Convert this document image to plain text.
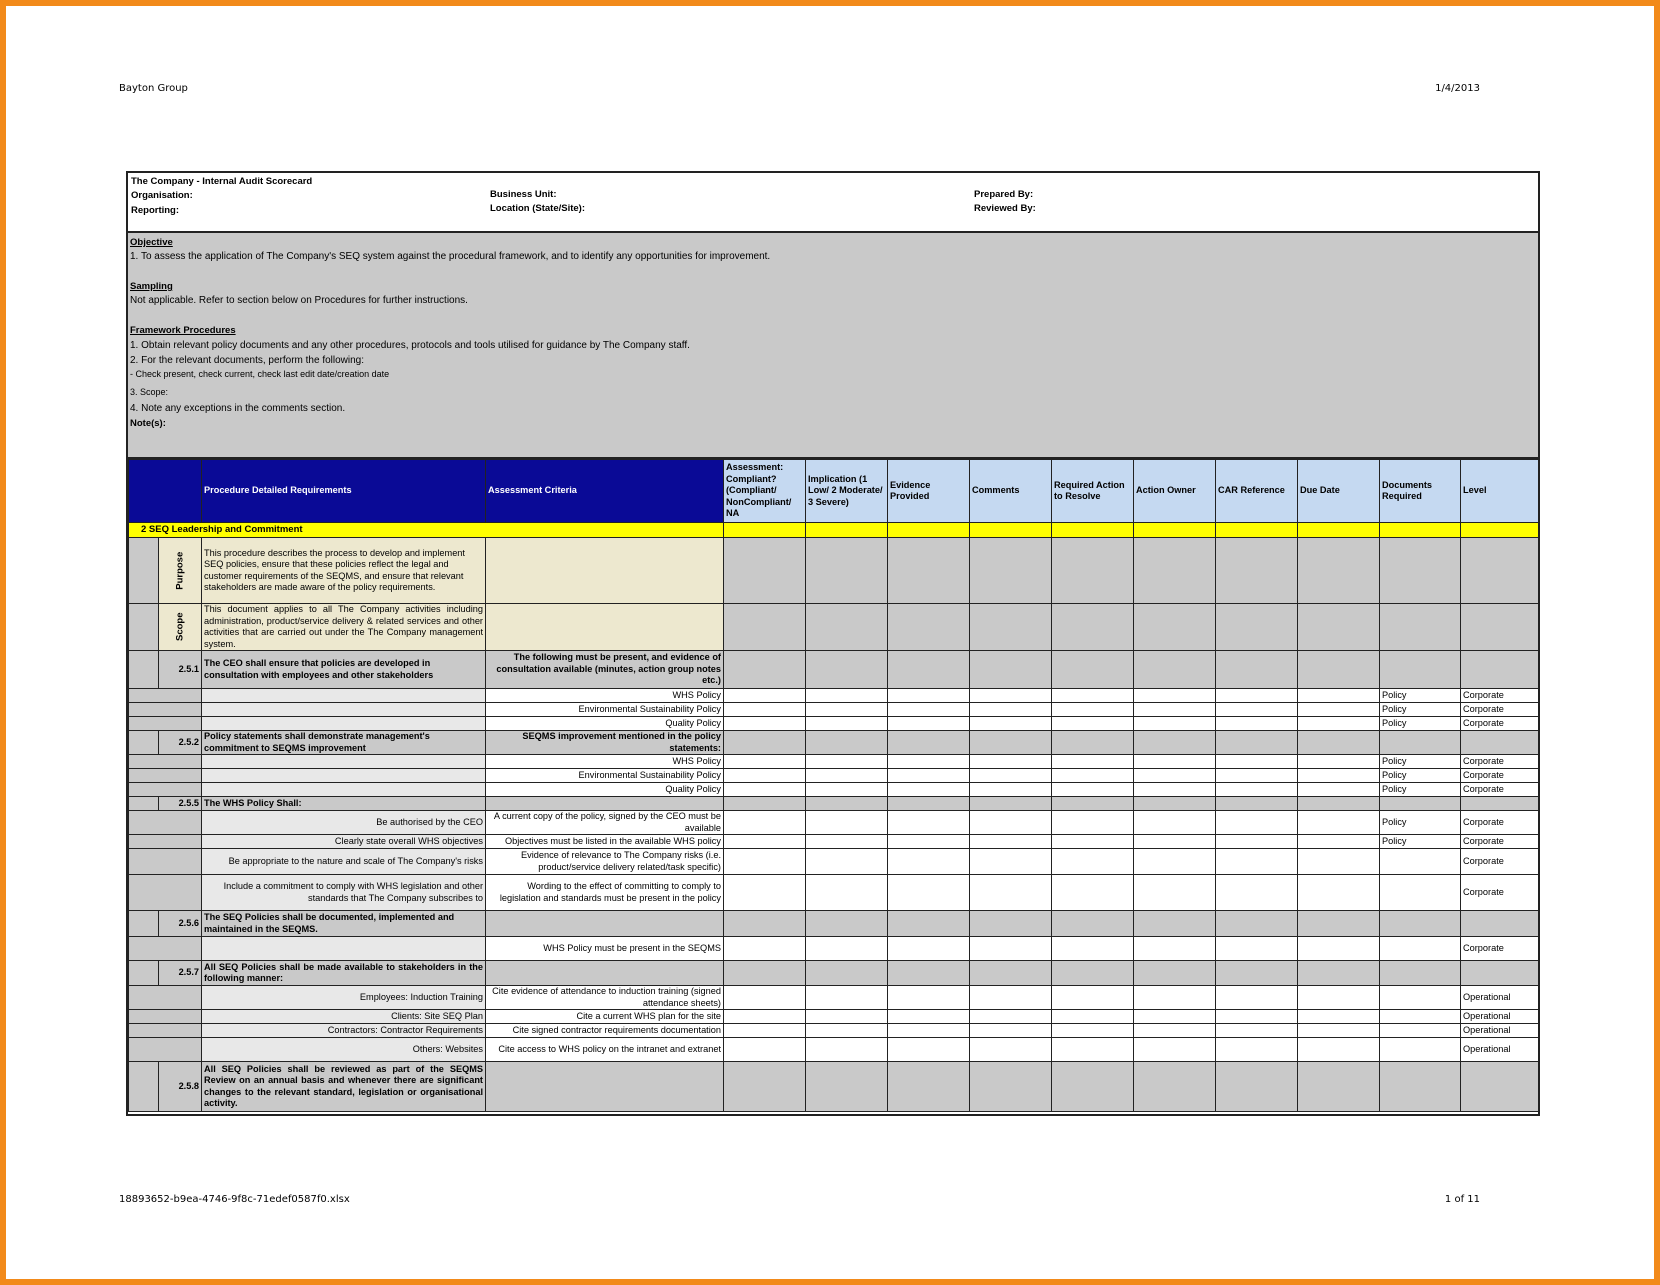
Bayton Group	1/4/2013
18893652-b9ea-4746-9f8c-71edef0587f0.xlsx	1 of 11
The Company - Internal Audit Scorecard
Organisation:
Reporting:
Business Unit:
Location (State/Site):
Prepared By:
Reviewed By:
Objective
1. To assess the application of The Company's SEQ system against the procedural framework, and to identify any opportunities for improvement.
Sampling
Not applicable. Refer to section below on Procedures for further instructions.
Framework Procedures
1. Obtain relevant policy documents and any other procedures, protocols and tools utilised for guidance by The Company staff.
2. For the relevant documents, perform the following:
- Check present, check current, check last edit date/creation date
3. Scope:
4. Note any exceptions in the comments section.
Note(s):
		Procedure Detailed Requirements	Assessment Criteria	Assessment: Compliant? (Compliant/ NonCompliant/ NA	Implication (1 Low/ 2 Moderate/ 3 Severe)	Evidence Provided	Comments	Required Action to Resolve	Action Owner	CAR Reference	Due Date	Documents Required	Level
2 SEQ Leadership and Commitment													
	Purpose	This procedure describes the process to develop and implement SEQ policies, ensure that these policies reflect the legal and customer requirements of the SEQMS, and ensure that relevant stakeholders are made aware of the policy requirements.											
	Scope	This document applies to all The Company activities including administration, product/service delivery & related services and other activities that are carried out under the The Company management system.											
	2.5.1	The CEO shall ensure that policies are developed in consultation with employees and other stakeholders	The following must be present, and evidence of consultation available (minutes, action group notes etc.)										
			WHS Policy									Policy	Corporate
			Environmental Sustainability Policy									Policy	Corporate
			Quality Policy									Policy	Corporate
	2.5.2	Policy statements shall demonstrate management's commitment to SEQMS improvement	SEQMS improvement mentioned in the policy statements:										
			WHS Policy									Policy	Corporate
			Environmental Sustainability Policy									Policy	Corporate
			Quality Policy									Policy	Corporate
	2.5.5	The WHS Policy Shall:											
		Be authorised by the CEO	A current copy of the policy, signed by the CEO must be available									Policy	Corporate
		Clearly state overall WHS objectives	Objectives must be listed in the available WHS policy									Policy	Corporate
		Be appropriate to the nature and scale of The Company's risks	Evidence of relevance to The Company risks (i.e. product/service delivery related/task specific)										Corporate
		Include a commitment to comply with WHS legislation and other standards that The Company subscribes to	Wording to the effect of committing to comply to legislation and standards must be present in the policy										Corporate
	2.5.6	The SEQ Policies shall be documented, implemented and maintained in the SEQMS.											
			WHS Policy must be present in the SEQMS										Corporate
	2.5.7	All SEQ Policies shall be made available to stakeholders in the following manner:											
		Employees: Induction Training	Cite evidence of attendance to induction training (signed attendance sheets)										Operational
		Clients: Site SEQ Plan	Cite a current WHS plan for the site										Operational
		Contractors: Contractor Requirements	Cite signed contractor requirements documentation										Operational
		Others: Websites	Cite access to WHS policy on the intranet and extranet										Operational
	2.5.8	All SEQ Policies shall be reviewed as part of the SEQMS Review on an annual basis and whenever there are significant changes to the relevant standard, legislation or organisational activity.											
